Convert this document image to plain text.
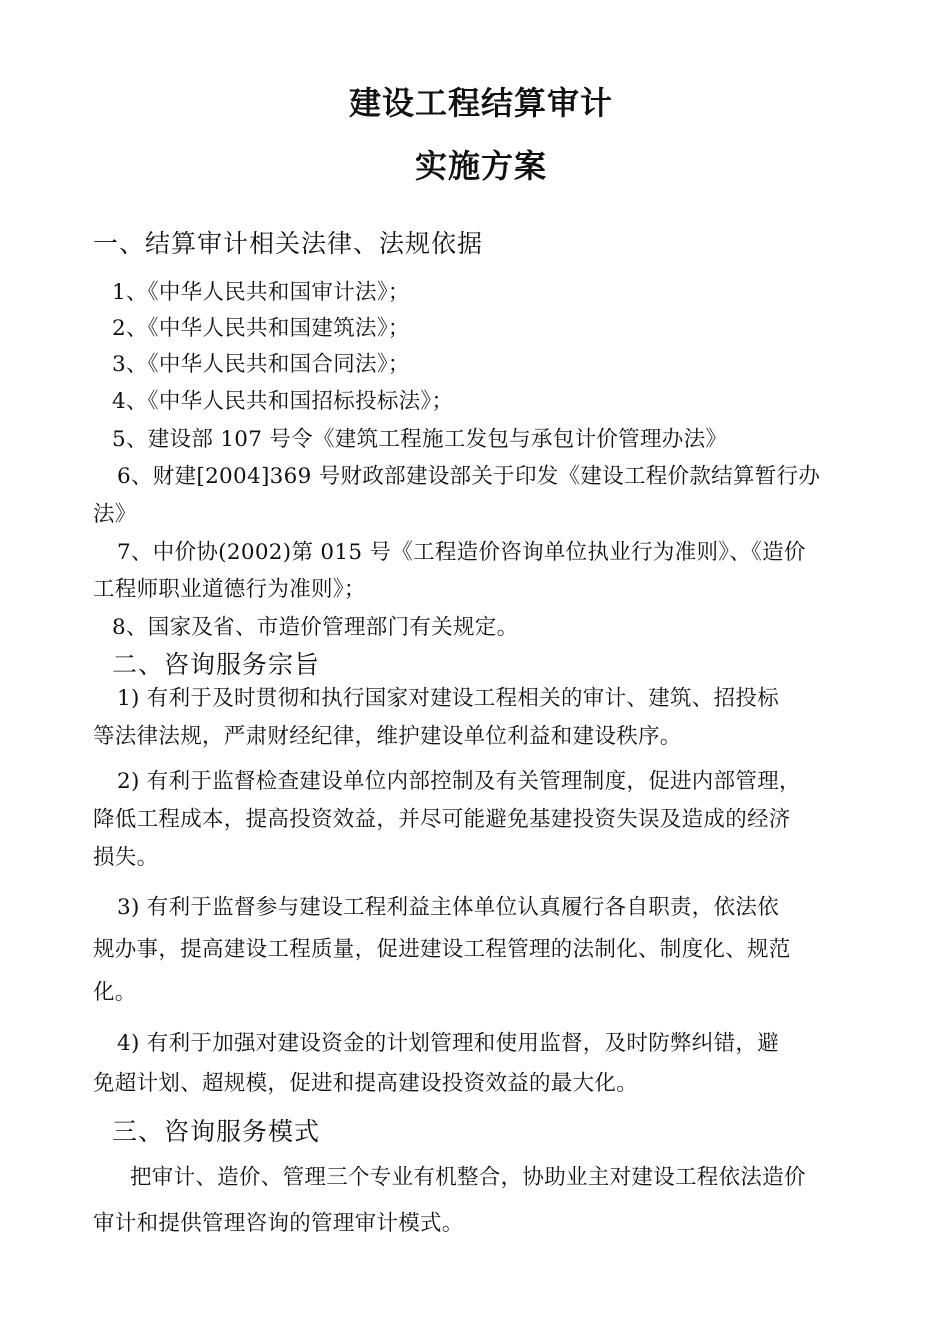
建设工程结算审计
实施方案
一、结算审计相关法律、法规依据
1、《中华人民共和国审计法》；
2、《中华人民共和国建筑法》；
3、《中华人民共和国合同法》；
4、《中华人民共和国招标投标法》；
5、建设部 107 号令《建筑工程施工发包与承包计价管理办法》
6、财建[2004]369 号财政部建设部关于印发《建设工程价款结算暂行办
法》
7、中价协(2002)第 015 号《工程造价咨询单位执业行为准则》、《造价
工程师职业道德行为准则》；
8、国家及省、市造价管理部门有关规定。
二、咨询服务宗旨
1) 有利于及时贯彻和执行国家对建设工程相关的审计、建筑、招投标
等法律法规，严肃财经纪律，维护建设单位利益和建设秩序。
2) 有利于监督检查建设单位内部控制及有关管理制度，促进内部管理，
降低工程成本，提高投资效益，并尽可能避免基建投资失误及造成的经济
损失。
3) 有利于监督参与建设工程利益主体单位认真履行各自职责，依法依
规办事，提高建设工程质量，促进建设工程管理的法制化、制度化、规范
化。
4) 有利于加强对建设资金的计划管理和使用监督，及时防弊纠错，避
免超计划、超规模，促进和提高建设投资效益的最大化。
三、咨询服务模式
把审计、造价、管理三个专业有机整合，协助业主对建设工程依法造价
审计和提供管理咨询的管理审计模式。
